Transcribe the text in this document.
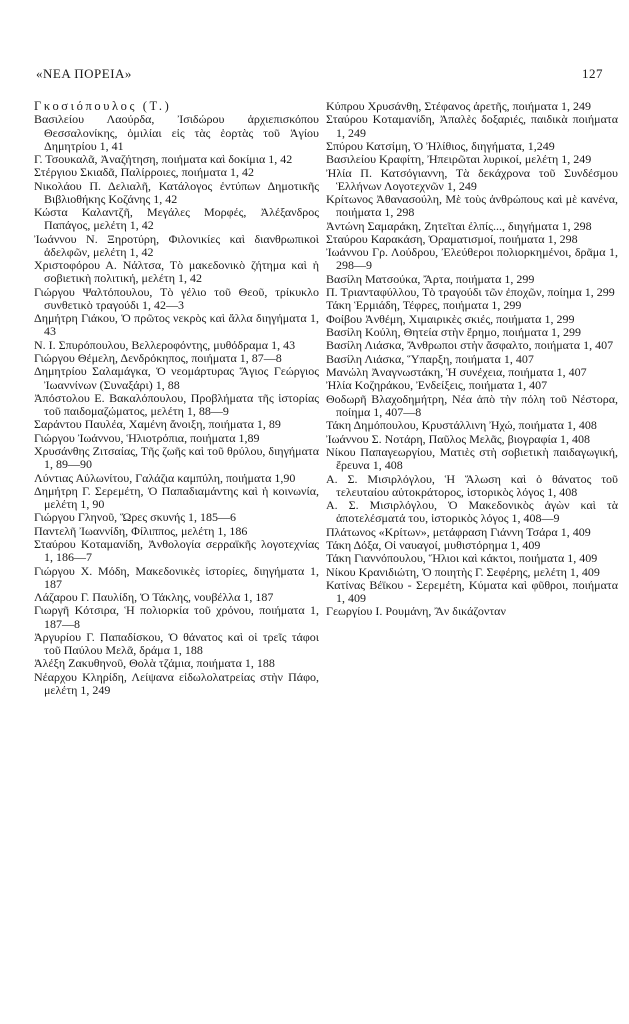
«ΝΕΑ ΠΟΡΕΙΑ»	127
Γκοσιόπουλος (Τ.)
Βασιλείου Λαούρδα, Ἰσιδώρου ἀρχιεπισκόπου Θεσσαλονίκης, ὁμιλίαι εἰς τὰς ἑορτὰς τοῦ Ἁγίου Δημητρίου 1, 41
Γ. Τσουκαλᾶ, Ἀναζήτηση, ποιήματα καὶ δοκίμια 1, 42
Στέργιου Σκιαδᾶ, Παλίρροιες, ποιήματα 1, 42
Νικολάου Π. Δελιαλῆ, Κατάλογος ἐντύπων Δημοτικῆς Βιβλιοθήκης Κοζάνης 1, 42
Κώστα Καλαντζῆ, Μεγάλες Μορφές, Ἀλέξανδρος Παπάγος, μελέτη 1, 42
Ἰωάννου Ν. Ξηροτύρη, Φιλονικίες καὶ διανθρωπικοὶ ἀδελφῶν, μελέτη 1, 42
Χριστοφόρου Α. Νάλτσα, Τὸ μακεδονικὸ ζήτημα καὶ ἡ σοβιετικὴ πολιτική, μελέτη 1, 42
Γιώργου Ψαλτόπουλου, Τὸ γέλιο τοῦ Θεοῦ, τρίκυκλο συνθετικὸ τραγούδι 1, 42—3
Δημήτρη Γιάκου, Ὁ πρῶτος νεκρὸς καὶ ἄλλα διηγήματα 1, 43
Ν. Ι. Σπυρόπουλου, Βελλεροφόντης, μυθόδραμα 1, 43
Γιώργου Θέμελη, Δενδρόκηπος, ποιήματα 1, 87—8
Δημητρίου Σαλαμάγκα, Ὁ νεομάρτυρας Ἅγιος Γεώργιος Ἰωαννίνων (Συναξάρι) 1, 88
Ἀπόστολου Ε. Βακαλόπουλου, Προβλήματα τῆς ἱστορίας τοῦ παιδομαζώματος, μελέτη 1, 88—9
Σαράντου Παυλέα, Χαμένη ἄνοιξη, ποιήματα 1, 89
Γιώργου Ἰωάννου, Ἡλιοτρόπια, ποιήματα 1,89
Χρυσάνθης Ζιτσαίας, Τῆς ζωῆς καὶ τοῦ θρύλου, διηγήματα 1, 89—90
Λύντιας Αὐλωνίτου, Γαλάζια καμπύλη, ποιήματα 1,90
Δημήτρη Γ. Σερεμέτη, Ὁ Παπαδιαμάντης καὶ ἡ κοινωνία, μελέτη 1, 90
Γιώργου Γληνοῦ, Ὥρες σκυνής 1, 185—6
Παντελῆ Ἰωαννίδη, Φίλιππος, μελέτη 1, 186
Σταύρου Κοταμανίδη, Ἀνθολογία σερραϊκῆς λογοτεχνίας 1, 186—7
Γιώργου Χ. Μόδη, Μακεδονικὲς ἱστορίες, διηγήματα 1, 187
Λάζαρου Γ. Παυλίδη, Ὁ Τάκλης, νουβέλλα 1, 187
Γιωργῆ Κότσιρα, Ἡ πολιορκία τοῦ χρόνου, ποιήματα 1, 187—8
Ἀργυρίου Γ. Παπαδίσκου, Ὁ θάνατος καὶ οἱ τρεῖς τάφοι τοῦ Παύλου Μελᾶ, δράμα 1, 188
Ἀλέξη Ζακυθηνοῦ, Θολὰ τζάμια, ποιήματα 1, 188
Νέαρχου Κληρίδη, Λείψανα εἰδωλολατρείας στὴν Πάφο, μελέτη 1, 249
Κύπρου Χρυσάνθη, Στέφανος ἀρετῆς, ποιήματα 1, 249
Σταύρου Κοταμανίδη, Ἀπαλὲς δοξαριές, παιδικὰ ποιήματα 1, 249
Σπύρου Κατσίμη, Ὁ Ἠλίθιος, διηγήματα, 1,249
Βασιλείου Κραφίτη, Ἠπειρῶται λυρικοί, μελέτη 1, 249
Ἠλία Π. Κατσόγιαννη, Τὰ δεκάχρονα τοῦ Συνδέσμου Ἑλλήνων Λογοτεχνῶν 1, 249
Κρίτωνος Ἀθανασούλη, Μὲ τοὺς ἀνθρώπους καὶ μὲ κανένα, ποιήματα 1, 298
Ἀντώνη Σαμαράκη, Ζητεῖται ἐλπίς..., διηγήματα 1, 298
Σταύρου Καρακάση, Ὁραματισμοί, ποιήματα 1, 298
Ἰωάννου Γρ. Λούδρου, Ἐλεύθεροι πολιορκημένοι, δρᾶμα 1, 298—9
Βασίλη Ματσούκα, Ἄρτα, ποιήματα 1, 299
Π. Τριανταφύλλου, Τὸ τραγούδι τῶν ἐποχῶν, ποίημα 1, 299
Τάκη Ἑρμιάδη, Τέφρες, ποιήματα 1, 299
Φοίβου Ἀνθέμη, Χιμαιρικὲς σκιές, ποιήματα 1, 299
Βασίλη Κούλη, Θητεία στὴν ἔρημο, ποιήματα 1, 299
Βασίλη Λιάσκα, Ἄνθρωποι στὴν ἄσφαλτο, ποιήματα 1, 407
Βασίλη Λιάσκα, Ὕπαρξη, ποιήματα 1, 407
Μανώλη Ἀναγνωστάκη, Ἡ συνέχεια, ποιήματα 1, 407
Ἠλία Κοζηράκου, Ἐνδείξεις, ποιήματα 1, 407
Θοδωρῆ Βλαχοδημήτρη, Νέα ἀπὸ τὴν πόλη τοῦ Νέστορα, ποίημα 1, 407—8
Τάκη Δημόπουλου, Κρυστάλλινη Ἠχώ, ποιήματα 1, 408
Ἰωάννου Σ. Νοτάρη, Παῦλος Μελᾶς, βιογραφία 1, 408
Νίκου Παπαγεωργίου, Ματιὲς στὴ σοβιετικὴ παιδαγωγική, ἔρευνα 1, 408
Α. Σ. Μισιρλόγλου, Ἡ Ἅλωση καὶ ὁ θάνατος τοῦ τελευταίου αὐτοκράτορος, ἱστορικὸς λόγος 1, 408
Α. Σ. Μισιρλόγλου, Ὁ Μακεδονικὸς ἀγὼν καὶ τὰ ἀποτελέσματά του, ἱστορικὸς λόγος 1, 408—9
Πλάτωνος «Κρίτων», μετάφραση Γιάννη Τσάρα 1, 409
Τάκη Δόξα, Οἱ ναυαγοί, μυθιστόρημα 1, 409
Τάκη Γιαννόπουλου, Ἥλιοι καὶ κάκτοι, ποιήματα 1, 409
Νίκου Κρανιδιώτη, Ὁ ποιητὴς Γ. Σεφέρης, μελέτη 1, 409
Κατίνας Βέϊκου - Σερεμέτη, Κύματα καὶ φῦθροι, ποιήματα 1, 409
Γεωργίου Ι. Ρουμάνη, Ἂν δικάζονταν
